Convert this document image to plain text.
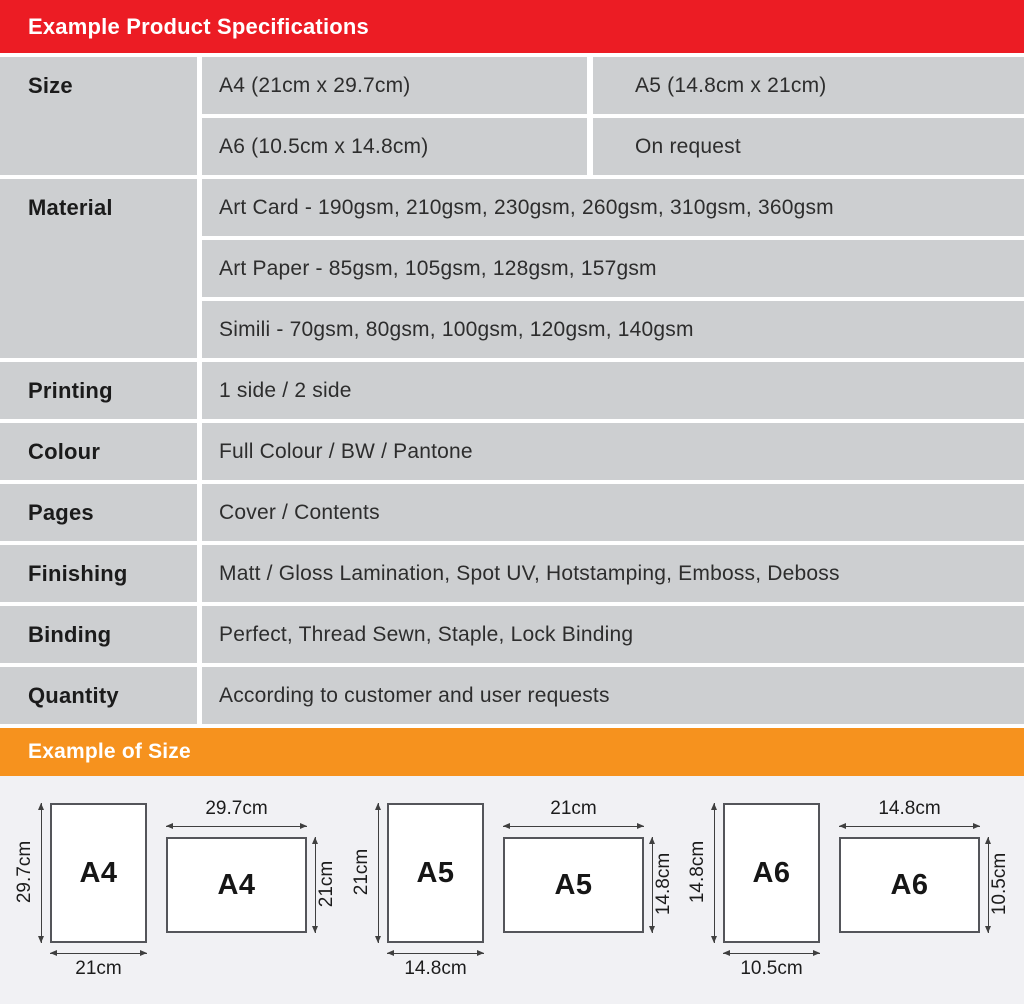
Example Product Specifications
Size	A4 (21cm x 29.7cm)	A5 (14.8cm x 21cm)
A6 (10.5cm x 14.8cm)	On request
Material	Art Card - 190gsm, 210gsm, 230gsm, 260gsm, 310gsm, 360gsm
Art Paper - 85gsm, 105gsm, 128gsm, 157gsm
Simili - 70gsm, 80gsm, 100gsm, 120gsm, 140gsm
Printing	1 side / 2 side
Colour	Full Colour / BW / Pantone
Pages	Cover / Contents
Finishing	Matt / Gloss Lamination, Spot UV, Hotstamping, Emboss, Deboss
Binding	Perfect, Thread Sewn, Staple, Lock Binding
Quantity	According to customer and user requests
Example of Size
29.7cm A4
21cm
29.7cm
A4	21cm 21cm A5
14.8cm
21cm
A5	14.8cm 14.8cm A6
10.5cm
14.8cm
A6	10.5cm
